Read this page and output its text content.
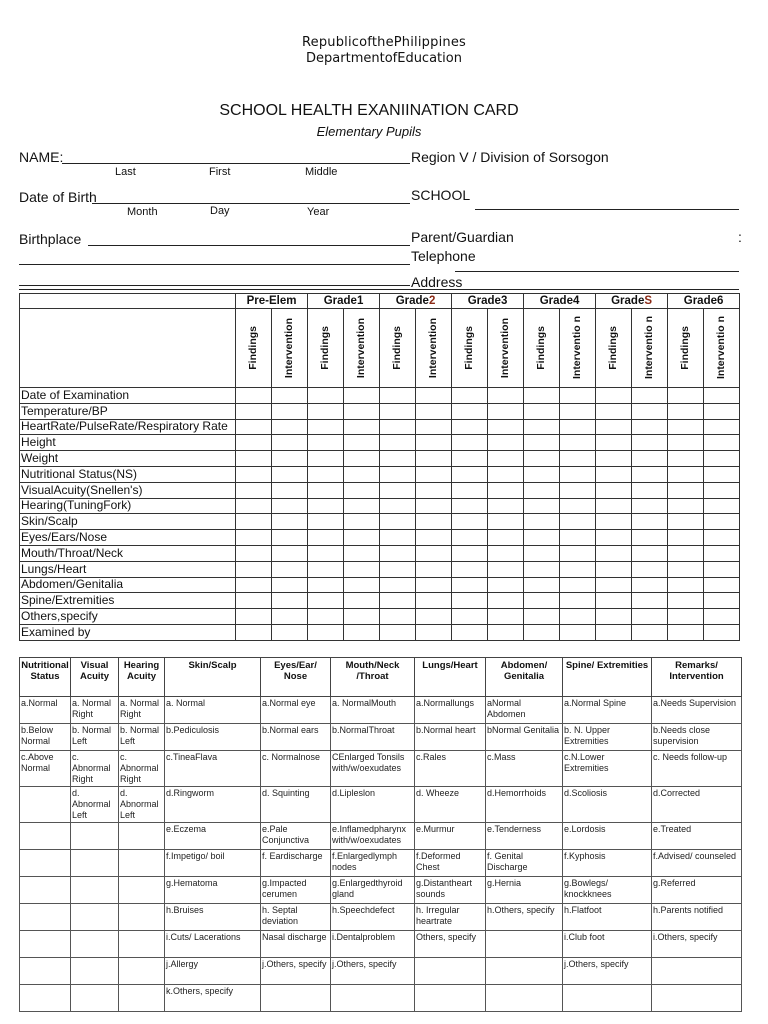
RepublicofthePhilippines
DepartmentofEducation
SCHOOL HEALTH EXANIINATION CARD
Elementary Pupils
NAME:
Last	First	Middle
Region V / Division of Sorsogon
Date of Birth
Month	Day	Year
SCHOOL
Birthplace	Parent/Guardian	:
Telephone
Address
	Pre-Elem		Grade1		Grade2		Grade3		Grade4		GradeS		Grade6	

	Findings	Intervention	Findings	Intervention	Findings	Intervention	Findings	Intervention	Findings	Interventio n	Findings	Interventio n	Findings	Interventio n

Date of Examination														
Temperature/BP														
HeartRate/PulseRate/Respiratory Rate														
Height														
Weight														
Nutritional Status(NS)														
VisualAcuity(Snellen's)														
Hearing(TuningFork)														
Skin/Scalp														
Eyes/Ears/Nose														
Mouth/Throat/Neck														
Lungs/Heart														
Abdomen/Genitalia														
Spine/Extremities														
Others,specify														
Examined by														
Nutritional Status	Visual Acuity	Hearing Acuity	Skin/Scalp	Eyes/Ear/ Nose	Mouth/Neck /Throat	Lungs/Heart	Abdomen/ Genitalia	Spine/ Extremities	Remarks/ Intervention
a.Normal	a. Normal Right	a. Normal Right	a. Normal	a.Normal eye	a. NormalMouth	a.Normallungs	aNormal Abdomen	a.Normal Spine	a.Needs Supervision
b.Below Normal	b. Normal Left	b. Normal Left	b.Pediculosis	b.Normal ears	b.NormalThroat	b.Normal heart	bNormal Genitalia	b. N. Upper Extremities	b.Needs close supervision
c.Above Normal	c. Abnormal Right	c. Abnormal Right	c.TineaFlava	c. Normalnose	CEnlarged Tonsils with/w/oexudates	c.Rales	c.Mass	c.N.Lower Extremities	c. Needs follow-up
	d. Abnormal Left	d. Abnormal Left	d.Ringworm	d. Squinting	d.Lipleslon	d. Wheeze	d.Hemorrhoids	d.Scoliosis	d.Corrected
			e.Eczema	e.Pale Conjunctiva	e.Inflamedpharynx with/w/oexudates	e.Murmur	e.Tenderness	e.Lordosis	e.Treated
			f.Impetigo/ boil	f. Eardischarge	f.Enlargedlymph nodes	f.Deformed Chest	f. Genital Discharge	f.Kyphosis	f.Advised/ counseled
			g.Hematoma	g.Impacted cerumen	g.Enlargedthyroid gland	g.Distantheart sounds	g.Hernia	g.Bowlegs/ knockknees	g.Referred
			h.Bruises	h. Septal deviation	h.Speechdefect	h. Irregular heartrate	h.Others, specify	h.Flatfoot	h.Parents notified
			i.Cuts/ Lacerations	Nasal discharge	i.Dentalproblem	Others, specify		i.Club foot	i.Others, specify
			j.Allergy	j.Others, specify	j.Others, specify			j.Others, specify	
			k.Others, specify						
